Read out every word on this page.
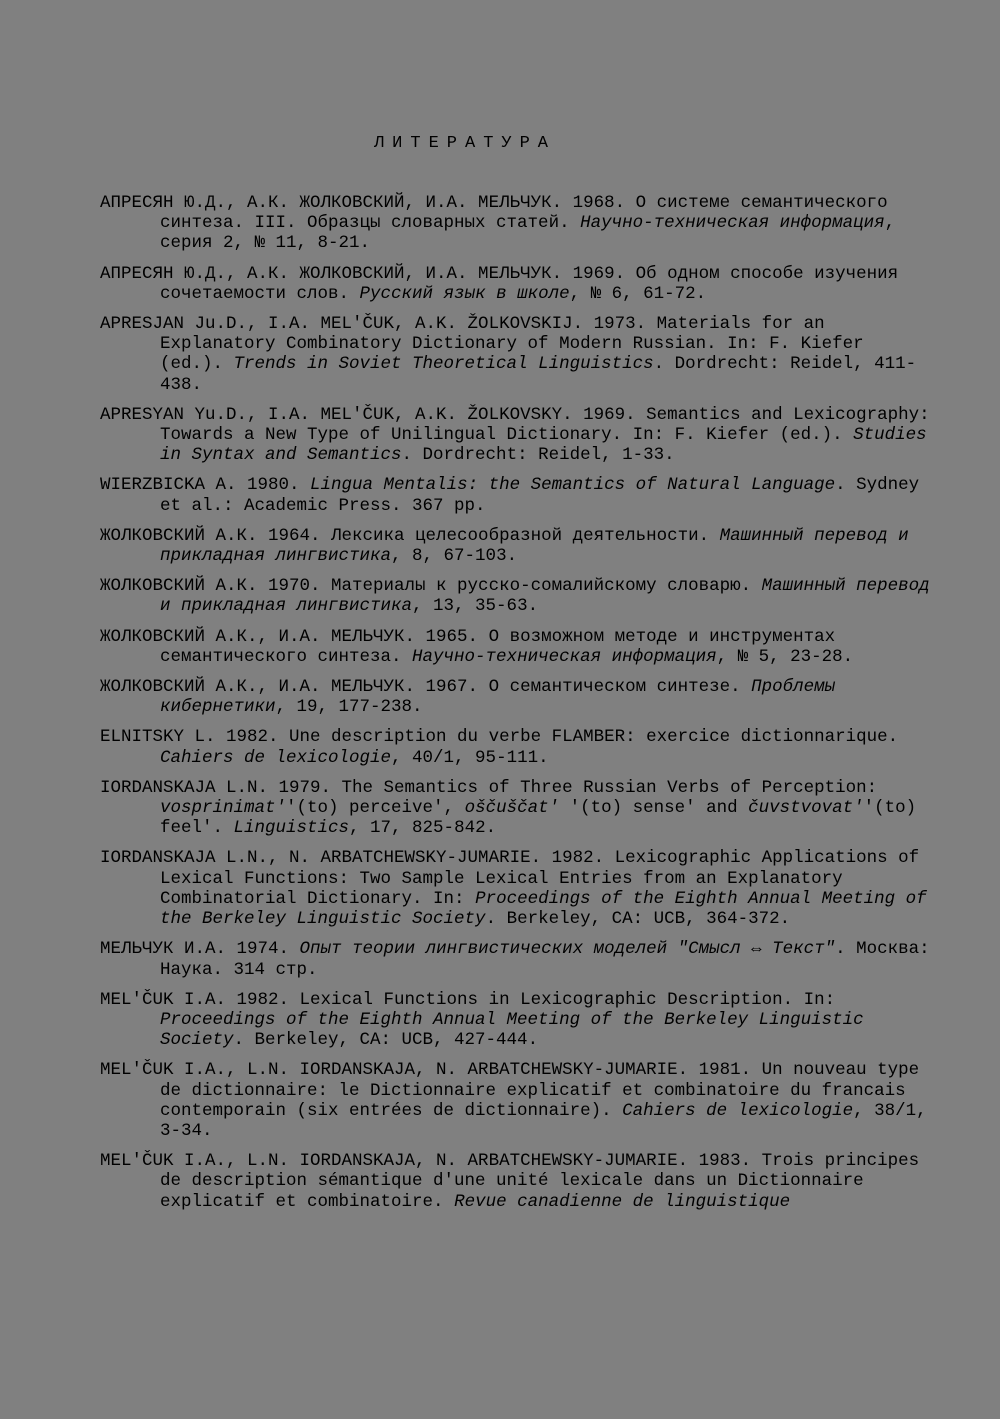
ЛИТЕРАТУРА

АПРЕСЯН Ю.Д., А.К. ЖОЛКОВСКИЙ, И.А. МЕЛЬЧУК. 1968. О системе семантического синтеза. III. Образцы словарных статей. Научно-техническая информация, серия 2, № 11, 8-21.

АПРЕСЯН Ю.Д., А.К. ЖОЛКОВСКИЙ, И.А. МЕЛЬЧУК. 1969. Об одном способе изучения сочетаемости слов. Русский язык в школе, № 6, 61-72.

APRESJAN Ju.D., I.A. MEL'ČUK, A.K. ŽOLKOVSKIJ. 1973. Materials for an Explanatory Combinatory Dictionary of Modern Russian. In: F. Kiefer (ed.). Trends in Soviet Theoretical Linguistics. Dordrecht: Reidel, 411-438.

APRESYAN Yu.D., I.A. MEL'ČUK, A.K. ŽOLKOVSKY. 1969. Semantics and Lexicography: Towards a New Type of Unilingual Dictionary. In: F. Kiefer (ed.). Studies in Syntax and Semantics. Dordrecht: Reidel, 1-33.

WIERZBICKA A. 1980. Lingua Mentalis: the Semantics of Natural Language. Sydney et al.: Academic Press. 367 pp.

ЖОЛКОВСКИЙ А.К. 1964. Лексика целесообразной деятельности. Машинный перевод и прикладная лингвистика, 8, 67-103.

ЖОЛКОВСКИЙ А.К. 1970. Материалы к русско-сомалийскому словарю. Машинный перевод и прикладная лингвистика, 13, 35-63.

ЖОЛКОВСКИЙ А.К., И.А. МЕЛЬЧУК. 1965. О возможном методе и инструментах семантического синтеза. Научно-техническая информация, № 5, 23-28.

ЖОЛКОВСКИЙ А.К., И.А. МЕЛЬЧУК. 1967. О семантическом синтезе. Проблемы кибернетики, 19, 177-238.

ELNITSKY L. 1982. Une description du verbe FLAMBER: exercice dictionnarique. Cahiers de lexicologie, 40/1, 95-111.

IORDANSKAJA L.N. 1979. The Semantics of Three Russian Verbs of Perception: vosprinimat''(to) perceive', oščuščat' '(to) sense' and čuvstvovat''(to) feel'. Linguistics, 17, 825-842.

IORDANSKAJA L.N., N. ARBATCHEWSKY-JUMARIE. 1982. Lexicographic Applications of Lexical Functions: Two Sample Lexical Entries from an Explanatory Combinatorial Dictionary. In: Proceedings of the Eighth Annual Meeting of the Berkeley Linguistic Society. Berkeley, CA: UCB, 364-372.

МЕЛЬЧУК И.А. 1974. Опыт теории лингвистических моделей "Смысл ⇔ Текст". Москва: Наука. 314 стр.

MEL'ČUK I.A. 1982. Lexical Functions in Lexicographic Description. In: Proceedings of the Eighth Annual Meeting of the Berkeley Linguistic Society. Berkeley, CA: UCB, 427-444.

MEL'ČUK I.A., L.N. IORDANSKAJA, N. ARBATCHEWSKY-JUMARIE. 1981. Un nouveau type de dictionnaire: le Dictionnaire explicatif et combinatoire du francais contemporain (six entrées de dictionnaire). Cahiers de lexicologie, 38/1, 3-34.

MEL'ČUK I.A., L.N. IORDANSKAJA, N. ARBATCHEWSKY-JUMARIE. 1983. Trois principes de description sémantique d'une unité lexicale dans un Dictionnaire explicatif et combinatoire. Revue canadienne de linguistique
